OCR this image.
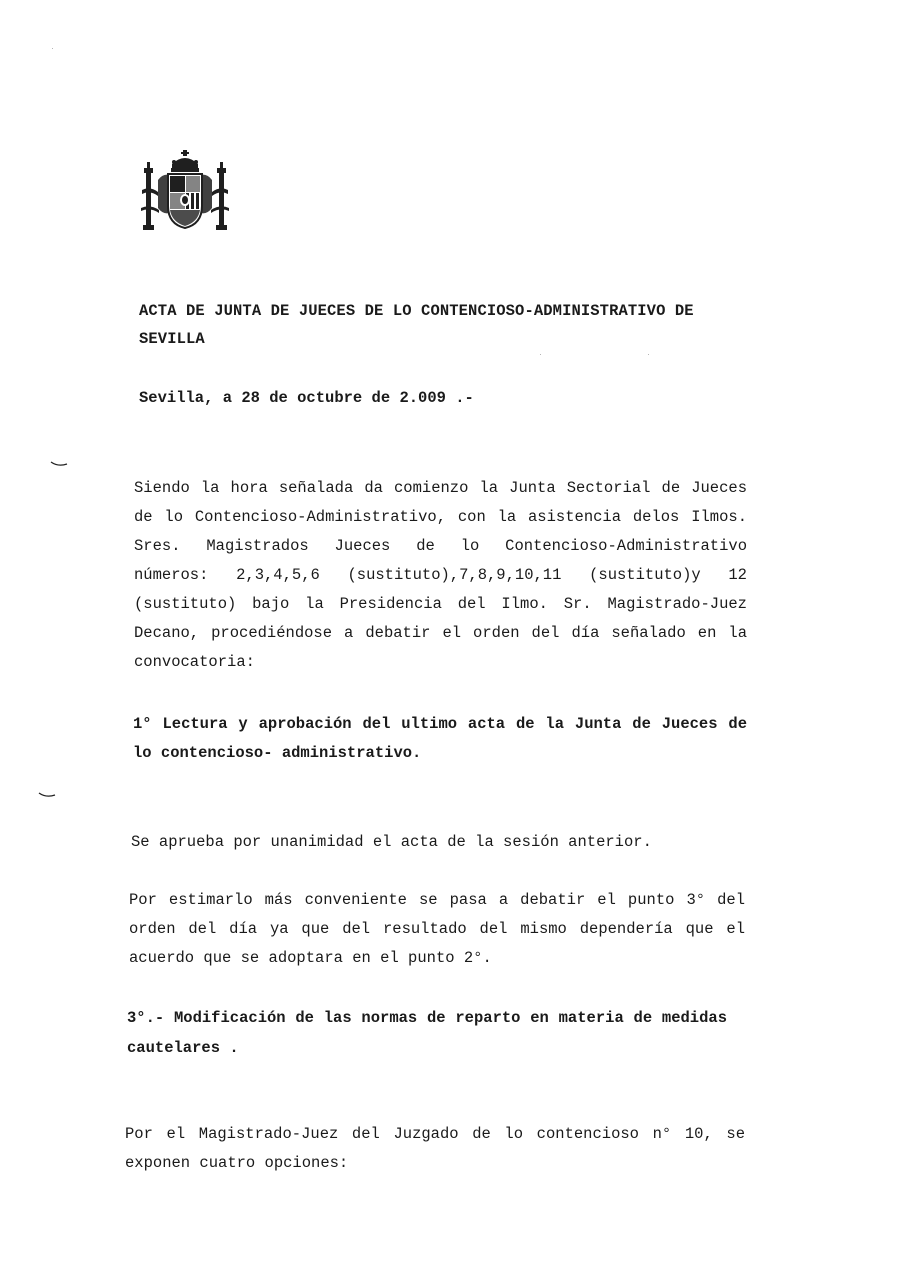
ACTA DE JUNTA DE JUECES DE LO CONTENCIOSO-ADMINISTRATIVO DE SEVILLA

Sevilla, a 28 de octubre de 2.009 .-

Siendo la hora señalada da comienzo la Junta Sectorial de Jueces de lo Contencioso-Administrativo, con la asistencia delos Ilmos. Sres. Magistrados Jueces de lo Contencioso-Administrativo números: 2,3,4,5,6 (sustituto),7,8,9,10,11 (sustituto)y 12 (sustituto) bajo la Presidencia del Ilmo. Sr. Magistrado-Juez Decano, procediéndose a debatir el orden del día señalado en la convocatoria:

1° Lectura y aprobación del ultimo acta de la Junta de Jueces de lo contencioso- administrativo.

Se aprueba por unanimidad el acta de la sesión anterior.

Por estimarlo más conveniente se pasa a debatir el punto 3° del orden del día ya que del resultado del mismo dependería que el acuerdo que se adoptara en el punto 2°.

3°.- Modificación de las normas de reparto en materia de medidas cautelares .

Por el Magistrado-Juez del Juzgado de lo contencioso n° 10, se exponen cuatro opciones:
